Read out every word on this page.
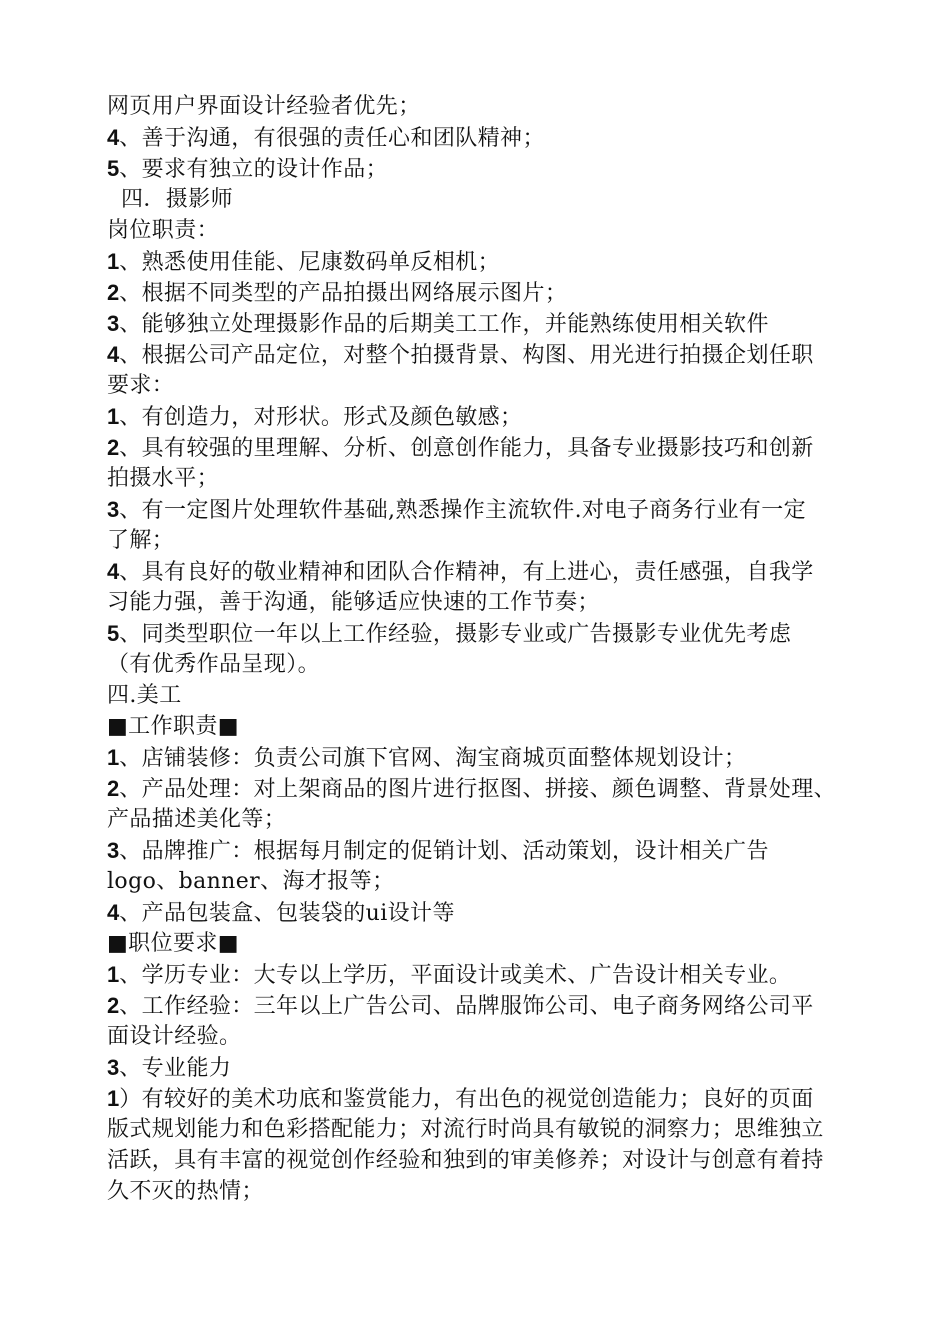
网页用户界面设计经验者优先；
4、善于沟通，有很强的责任心和团队精神；
5、要求有独立的设计作品；
四．摄影师
岗位职责：
1、熟悉使用佳能、尼康数码单反相机；
2、根据不同类型的产品拍摄出网络展示图片；
3、能够独立处理摄影作品的后期美工工作，并能熟练使用相关软件
4、根据公司产品定位，对整个拍摄背景、构图、用光进行拍摄企划任职
要求：
1、有创造力，对形状。形式及颜色敏感；
2、具有较强的里理解、分析、创意创作能力，具备专业摄影技巧和创新
拍摄水平；
3、有一定图片处理软件基础,熟悉操作主流软件.对电子商务行业有一定
了解；
4、具有良好的敬业精神和团队合作精神，有上进心，责任感强，自我学
习能力强，善于沟通，能够适应快速的工作节奏；
5、同类型职位一年以上工作经验，摄影专业或广告摄影专业优先考虑
（有优秀作品呈现）。
四.美工
■工作职责■
1、店铺装修：负责公司旗下官网、淘宝商城页面整体规划设计；
2、产品处理：对上架商品的图片进行抠图、拼接、颜色调整、背景处理、
产品描述美化等；
3、品牌推广：根据每月制定的促销计划、活动策划，设计相关广告
logo、banner、海才报等；
4、产品包装盒、包装袋的ui设计等
■职位要求■
1、学历专业：大专以上学历，平面设计或美术、广告设计相关专业。
2、工作经验：三年以上广告公司、品牌服饰公司、电子商务网络公司平
面设计经验。
3、专业能力
1）有较好的美术功底和鉴赏能力，有出色的视觉创造能力；良好的页面
版式规划能力和色彩搭配能力；对流行时尚具有敏锐的洞察力；思维独立
活跃，具有丰富的视觉创作经验和独到的审美修养；对设计与创意有着持
久不灭的热情；
